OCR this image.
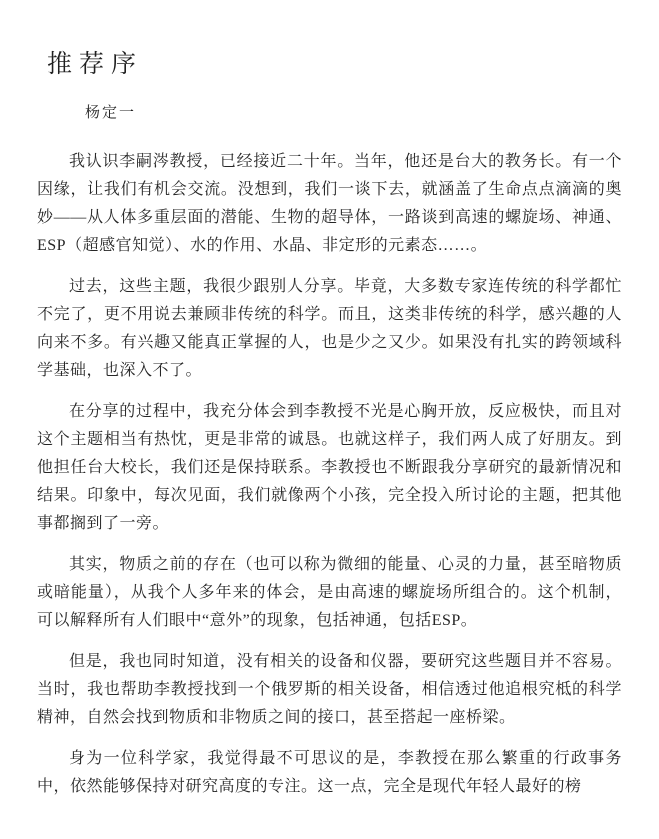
推荐序
杨定一

我认识李嗣涔教授，已经接近二十年。当年，他还是台大的教务长。有一个因缘，让我们有机会交流。没想到，我们一谈下去，就涵盖了生命点点滴滴的奥妙——从人体多重层面的潜能、生物的超导体，一路谈到高速的螺旋场、神通、ESP（超感官知觉）、水的作用、水晶、非定形的元素态……。

过去，这些主题，我很少跟别人分享。毕竟，大多数专家连传统的科学都忙不完了，更不用说去兼顾非传统的科学。而且，这类非传统的科学，感兴趣的人向来不多。有兴趣又能真正掌握的人，也是少之又少。如果没有扎实的跨领域科学基础，也深入不了。

在分享的过程中，我充分体会到李教授不光是心胸开放，反应极快，而且对这个主题相当有热忱，更是非常的诚恳。也就这样子，我们两人成了好朋友。到他担任台大校长，我们还是保持联系。李教授也不断跟我分享研究的最新情况和结果。印象中，每次见面，我们就像两个小孩，完全投入所讨论的主题，把其他事都搁到了一旁。

其实，物质之前的存在（也可以称为微细的能量、心灵的力量，甚至暗物质或暗能量），从我个人多年来的体会，是由高速的螺旋场所组合的。这个机制，可以解释所有人们眼中“意外”的现象，包括神通，包括ESP。

但是，我也同时知道，没有相关的设备和仪器，要研究这些题目并不容易。当时，我也帮助李教授找到一个俄罗斯的相关设备，相信透过他追根究柢的科学精神，自然会找到物质和非物质之间的接口，甚至搭起一座桥梁。

身为一位科学家，我觉得最不可思议的是，李教授在那么繁重的行政事务中，依然能够保持对研究高度的专注。这一点，完全是现代年轻人最好的榜
